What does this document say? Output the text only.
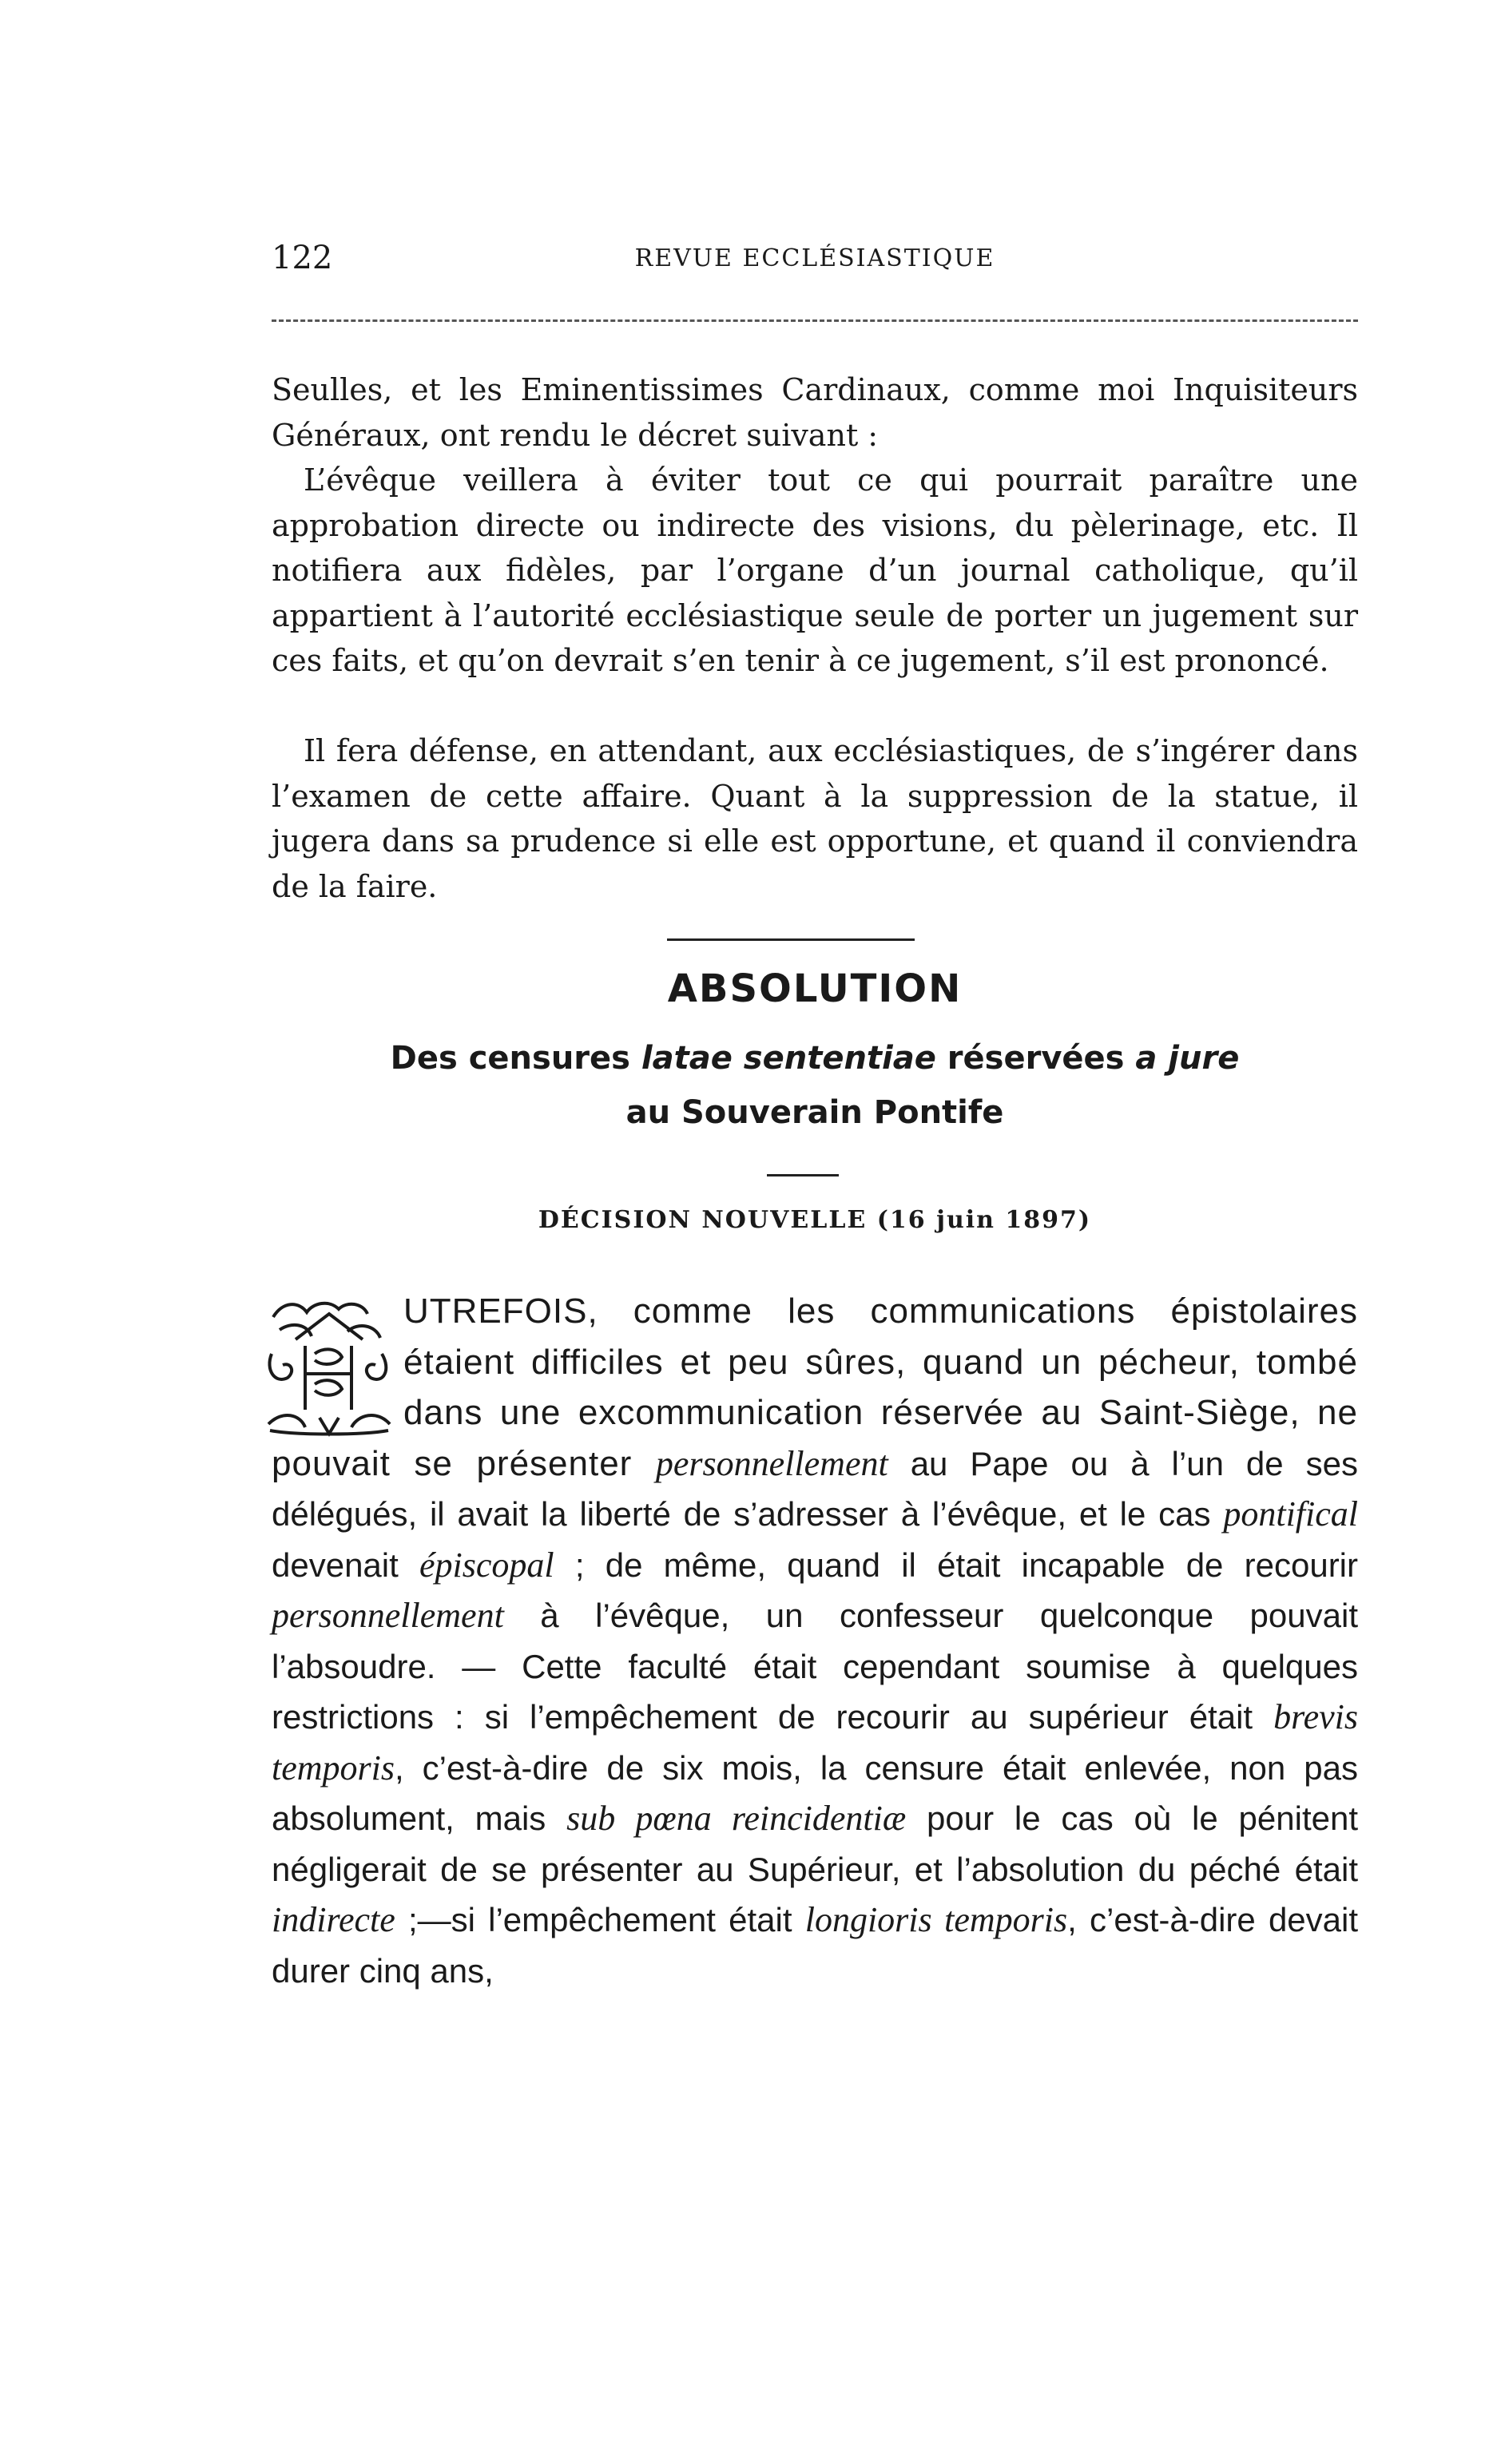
122	REVUE ECCLÉSIASTIQUE

Seulles, et les Eminentissimes Cardinaux, comme moi Inquisiteurs Généraux, ont rendu le décret suivant :

L’évêque veillera à éviter tout ce qui pourrait paraître une approbation directe ou indirecte des visions, du pèlerinage, etc. Il notifiera aux fidèles, par l’organe d’un journal catholique, qu’il appartient à l’autorité ecclésiastique seule de porter un jugement sur ces faits, et qu’on devrait s’en tenir à ce jugement, s’il est prononcé.

Il fera défense, en attendant, aux ecclésiastiques, de s’ingérer dans l’examen de cette affaire. Quant à la suppression de la statue, il jugera dans sa prudence si elle est opportune, et quand il conviendra de la faire.

ABSOLUTION
Des censures latae sententiae réservées a jure
au Souverain Pontife
DÉCISION NOUVELLE (16 juin 1897)

UTREFOIS, comme les communications épistolaires étaient difficiles et peu sûres, quand un pécheur, tombé dans une excommunication réservée au Saint-Siège, ne pouvait se présenter personnellement au Pape ou à l’un de ses délégués, il avait la liberté de s’adresser à l’évêque, et le cas pontifical devenait épiscopal ; de même, quand il était incapable de recourir personnellement à l’évêque, un confesseur quelconque pouvait l’absoudre. — Cette faculté était cependant soumise à quelques restrictions : si l’empêchement de recourir au supérieur était brevis temporis, c’est-à-dire de six mois, la censure était enlevée, non pas absolument, mais sub pœna reincidentiæ pour le cas où le pénitent négligerait de se présenter au Supérieur, et l’absolution du péché était indirecte ;—si l’empêchement était longioris temporis, c’est-à-dire devait durer cinq ans,
